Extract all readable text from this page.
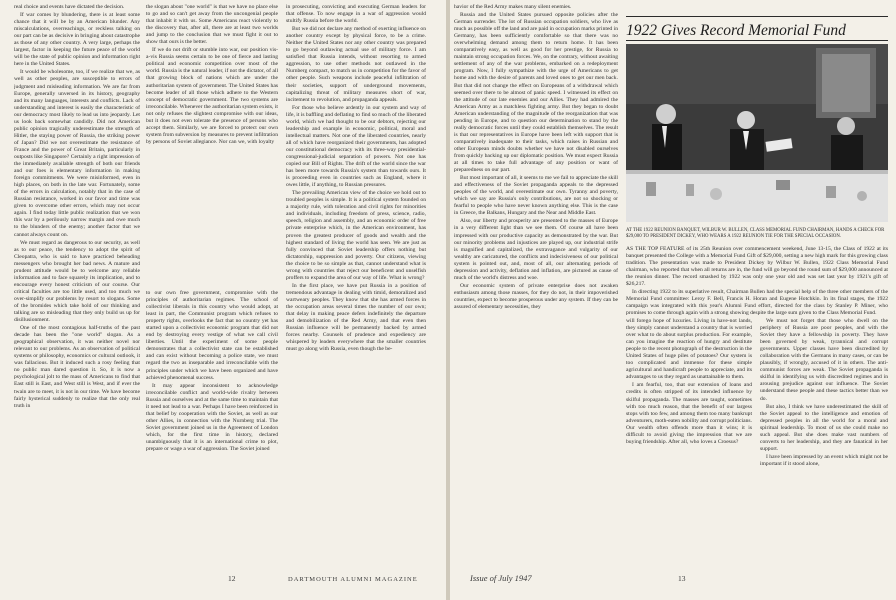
real choice and events have dictated the decision.

If war comes by blundering, there is at least some chance that it will be by an American blunder. Any miscalculations, overreachings, or reckless talking on our part can be as decisive in bringing about catastrophe as those of any other country. A very large, perhaps the largest, factor in keeping the future peace of the world will be the state of public opinion and information right here in the United States.

It would be wholesome, too, if we realize that we, as well as other peoples, are susceptible to errors of judgment and misleading information. We are far from Europe, generally unversed in its history, geography and its many languages, interests and conflicts. Lack of understanding and interest is easily the characteristic of our democracy most likely to lead us into jeopardy. Let us look back somewhat candidly. Did not American public opinion tragically underestimate the strength of Hitler, the staying power of Russia, the striking power of Japan? Did we not overestimate the resistance of France and the power of Great Britain, particularly in outposts like Singapore? Certainly a right impression of the immediately available strength of both our friends and our foes is elementary information in making foreign commitments. We were misinformed, even in high places, on both in the late war. Fortunately, some of the errors in calculation, notably that in the case of Russian resistance, worked in our favor and time was given to overcome other errors, which may not occur again. I find today little public realization that we won this war by a perilously narrow margin and owe much to the blunders of the enemy; another factor that we cannot always count on.

We must regard as dangerous to our security, as well as to our peace, the tendency to adopt the spirit of Cleopatra, who is said to have practiced beheading messengers who brought her bad news. A mature and prudent attitude would be to welcome any reliable information and to face squarely its implication, and to encourage every honest criticism of our course. Our critical faculties are too little used, and too much we over-simplify our problems by resort to slogans. Some of the bromides which take hold of our thinking and talking are so misleading that they only build us up for disillusionment.

One of the most contagious half-truths of the past decade has been the "one world" slogan. As a geographical observation, it was neither novel nor relevant to our problems. As an observation of political systems or philosophy, economics or cultural outlook, it was fallacious. But it induced such a rosy feeling that no public man dared question it. So, it is now a psychological jolt to the mass of Americans to find that East still is East, and West still is West, and if ever the twain are to meet, it is not in our time. We have become fairly hysterical suddenly to realize that the only real truth in

the slogan about "one world" is that we have no place else to go and so can't get away from the uncongenial people that inhabit it with us. Some Americans react violently to the discovery that, after all, there are at least two worlds and jump to the conclusion that we must fight it out to show that ours is the better.

If we do not drift or stumble into war, our position vis-a-vis Russia seems certain to be one of fierce and lasting political and economic competition over most of the world. Russia is the natural leader, if not the dictator, of all that growing block of nations which are under the authoritarian system of government. The United States has become leader of all those which adhere to the Western concept of democratic government. The two systems are irreconcilable. Whenever the authoritarian system exists, it not only refuses the slightest compromise with our ideas, but it does not even tolerate the presence of persons who accept them. Similarly, we are forced to protect our own system from subversion by measures to prevent infiltration by persons of Soviet allegiance. Nor can we, with loyalty

to our own free government, compromise with the principles of authoritarian regimes. The school of collectivist liberals in this country who would adopt, at least in part, the Communist program which refuses to property rights, overlooks the fact that no country yet has started upon a collectivist economic program that did not end by destroying every vestige of what we call civil liberties. Until the experiment of some people demonstrates that a collectivist state can be established and can exist without becoming a police state, we must regard the two as inseparable and irreconcilable with the principles under which we have been organized and have achieved phenomenal success.

It may appear inconsistent to acknowledge irreconcilable conflict and world-wide rivalry between Russia and ourselves and at the same time to maintain that it need not lead to a war. Perhaps I have been reinforced in that belief by cooperation with the Soviet, as well as our other Allies, in connection with the Nurnberg trial. The Soviet government joined us in the Agreement of London which, for the first time in history, declared unambiguously that it is an international crime to plot, prepare or wage a war of aggression. The Soviet joined

in prosecuting, convicting and executing German leaders for that offense. To now engage in a war of aggression would stultify Russia before the world.

But we did not declare any method of exerting influence on another country except by physical force, to be a crime. Neither the United States nor any other country was prepared to go beyond outlawing actual use of military force. I am satisfied that Russia intends, without resorting to armed aggression, to use other methods not outlawed in the Nurnberg compact, to match us in competition for the favor of other people. Such weapons include peaceful infiltration of their societies, support of underground movements, capitalizing threat of military measures short of war, incitement to revolution, and propaganda appeals.

For those who believe ardently in our system and way of life, it is baffling and deflating to find so much of the liberated world, which we had thought to be our debtors, rejecting our leadership and example in economic, political, moral and intellectual matters. Not one of the liberated countries, nearly all of which have reorganized their governments, has adopted our constitutional democracy with its three-way presidential-congressional-judicial separation of powers. Not one has copied our Bill of Rights. The drift of the world since the war has been more towards Russia's system than towards ours. It is proceeding even in countries such as England, where it owes little, if anything, to Russian pressures.

The prevailing American view of the choice we hold out to troubled peoples is simple. It is a political system founded on a majority rule, with toleration and civil rights for minorities and individuals, including freedom of press, science, radio, speech, religion and assembly, and an economic order of free private enterprise which, in the American environment, has proven the greatest producer of goods and wealth and the highest standard of living the world has seen. We are just as fully convinced that Soviet leadership offers nothing but dictatorship, suppression and poverty. Our citizens, viewing the choice to be so simple as that, cannot understand what is wrong with countries that reject our beneficent and unselfish proffers to expand the area of our way of life. What is wrong?

In the first place, we have put Russia in a position of tremendous advantage in dealing with timid, demoralized and wartweary peoples. They know that she has armed forces in the occupation areas several times the number of our own; that delay in making peace defers indefinitely the departure and demobilization of the Red Army, and that even then Russian influence will be permanently backed by armed forces nearby. Counsels of prudence and expediency are whispered by leaders everywhere that the smaller countries must go along with Russia, even though the be-

12	DARTMOUTH ALUMNI MAGAZINE

havior of the Red Army makes many silent enemies.

Russia and the United States pursued opposite policies after the German surrender. The lot of Russian occupation soldiers, who live as much as possible off the land and are paid in occupation marks printed in Germany, has been sufficiently comfortable so that there was no overwhelming demand among them to return home. It has been comparatively easy, as well as good for her prestige, for Russia to maintain strong occupation forces. We, on the contrary, without awaiting settlement of any of the war problems, embarked on a redeployment program. Now, I fully sympathize with the urge of Americans to get home and with the desire of parents and loved ones to get our men back. But that did not change the effect on Europeans of a withdrawal which seemed over there to be almost of panic speed. I witnessed its effect on the attitude of our late enemies and our Allies. They had admired the American Army as a matchless fighting army. But they began to doubt American understanding of the magnitude of the reorganization that was pending in Europe, and to question our determination to stand by the really democratic forces until they could establish themselves. The result is that our representatives in Europe have been left with support that is comparatively inadequate to their tasks, which raises in Russian and other European minds doubts whether we have not disabled ourselves from quickly backing up our diplomatic position. We must expect Russia at all times to take full advantage of any position or want of preparedness on our part.

But most important of all, it seems to me we fail to appreciate the skill and effectiveness of the Soviet propaganda appeals to the depressed peoples of the world, and overestimate our own. Tyranny and poverty, which we say are Russia's only contributions, are not so shocking or fearful to people who have never known anything else. This is the case in Greece, the Balkans, Hungary and the Near and Middle East.

Also, our liberty and prosperity are presented to the masses of Europe in a very different light than we see them. Of course all have been impressed with our productive capacity as demonstrated by the war. But our minority problems and injustices are played up, our industrial strife is magnified and capitalized, the extravagance and vulgarity of our wealthy are caricatured, the conflicts and indecisiveness of our political system is pointed out, and, most of all, our alternating periods of depression and activity, deflation and inflation, are pictured as cause of much of the world's distress and woe.

Our economic system of private enterprise does not awaken enthusiasm among those masses, for they do not, in their impoverished countries, expect to become prosperous under any system. If they can be assured of elementary necessities, they

1922 Gives Record Memorial Fund
AT THE 1922 REUNION BANQUET, WILBUR W. BULLEN, CLASS MEMORIAL FUND CHAIRMAN, HANDS A CHECK FOR $29,000 TO PRESIDENT DICKEY, WHO WEARS A 1922 REUNION TIE FOR THE SPECIAL OCCASION.

AS THE TOP FEATURE of its 25th Reunion over commencement weekend, June 13-15, the Class of 1922 at its banquet presented the College with a Memorial Fund Gift of $29,000, setting a new high mark for this growing class tradition. The presentation was made to President Dickey by Wilbur W. Bullen, 1922 Class Memorial Fund chairman, who reported that when all returns are in, the fund will go beyond the round sum of $29,000 announced at the reunion dinner. The record smashed by 1922 was only one year old and was set last year by 1921's gift of $26,217.

In directing 1922 to its superlative result, Chairman Bullen had the special help of the three other members of the Memorial Fund committee: Leroy F. Bell, Francis H. Horan and Eugene Hotchkin. In its final stages, the 1922 campaign was integrated with this year's Alumni Fund effort, directed for the class by Stanley P. Miner, who promises to come through again with a strong showing despite the large sum given to the Class Memorial Fund.

will forego hope of luxuries. Living in have-not lands, they simply cannot understand a country that is worried over what to do about surplus production. For example, can you imagine the reaction of hungry and destitute people to the recent photograph of the destruction in the United States of huge piles of potatoes? Our system is too complicated and immense for these simple agricultural and handicraft people to appreciate, and its advantages to us they regard as unattainable to them.

I am fearful, too, that our extension of loans and credits is often stripped of its intended influence by skilful propaganda. The masses are taught, sometimes with too much reason, that the benefit of our largess stops with too few, and among them too many bankrupt adventurers, moth-eaten nobility and corrupt politicians. Our wealth often offends more than it wins; it is difficult to avoid giving the impression that we are buying friendship. After all, who loves a Croesus?

We must not forget that those who dwell on the periphery of Russia are poor peoples, and with the Soviet they have a fellowship in poverty. They have been governed by weak, tyrannical and corrupt governments. Upper classes have been discredited by collaboration with the Germans in many cases, or can be plausibly, if wrongly, accused of it in others. The anti-communist forces are weak. The Soviet propaganda is skilful in identifying us with discredited regimes and in arousing prejudice against our influence. The Soviet understand these people and these tactics better than we do.

But also, I think we have underestimated the skill of the Soviet appeal to the intelligence and emotion of depressed peoples in all the world for a moral and spiritual leadership. To most of us she could make no such appeal. But she does make vast numbers of converts to her leadership, and they are fanatical in her support.

I have been impressed by an event which might not be important if it stood alone,

Issue of July 1947	13
